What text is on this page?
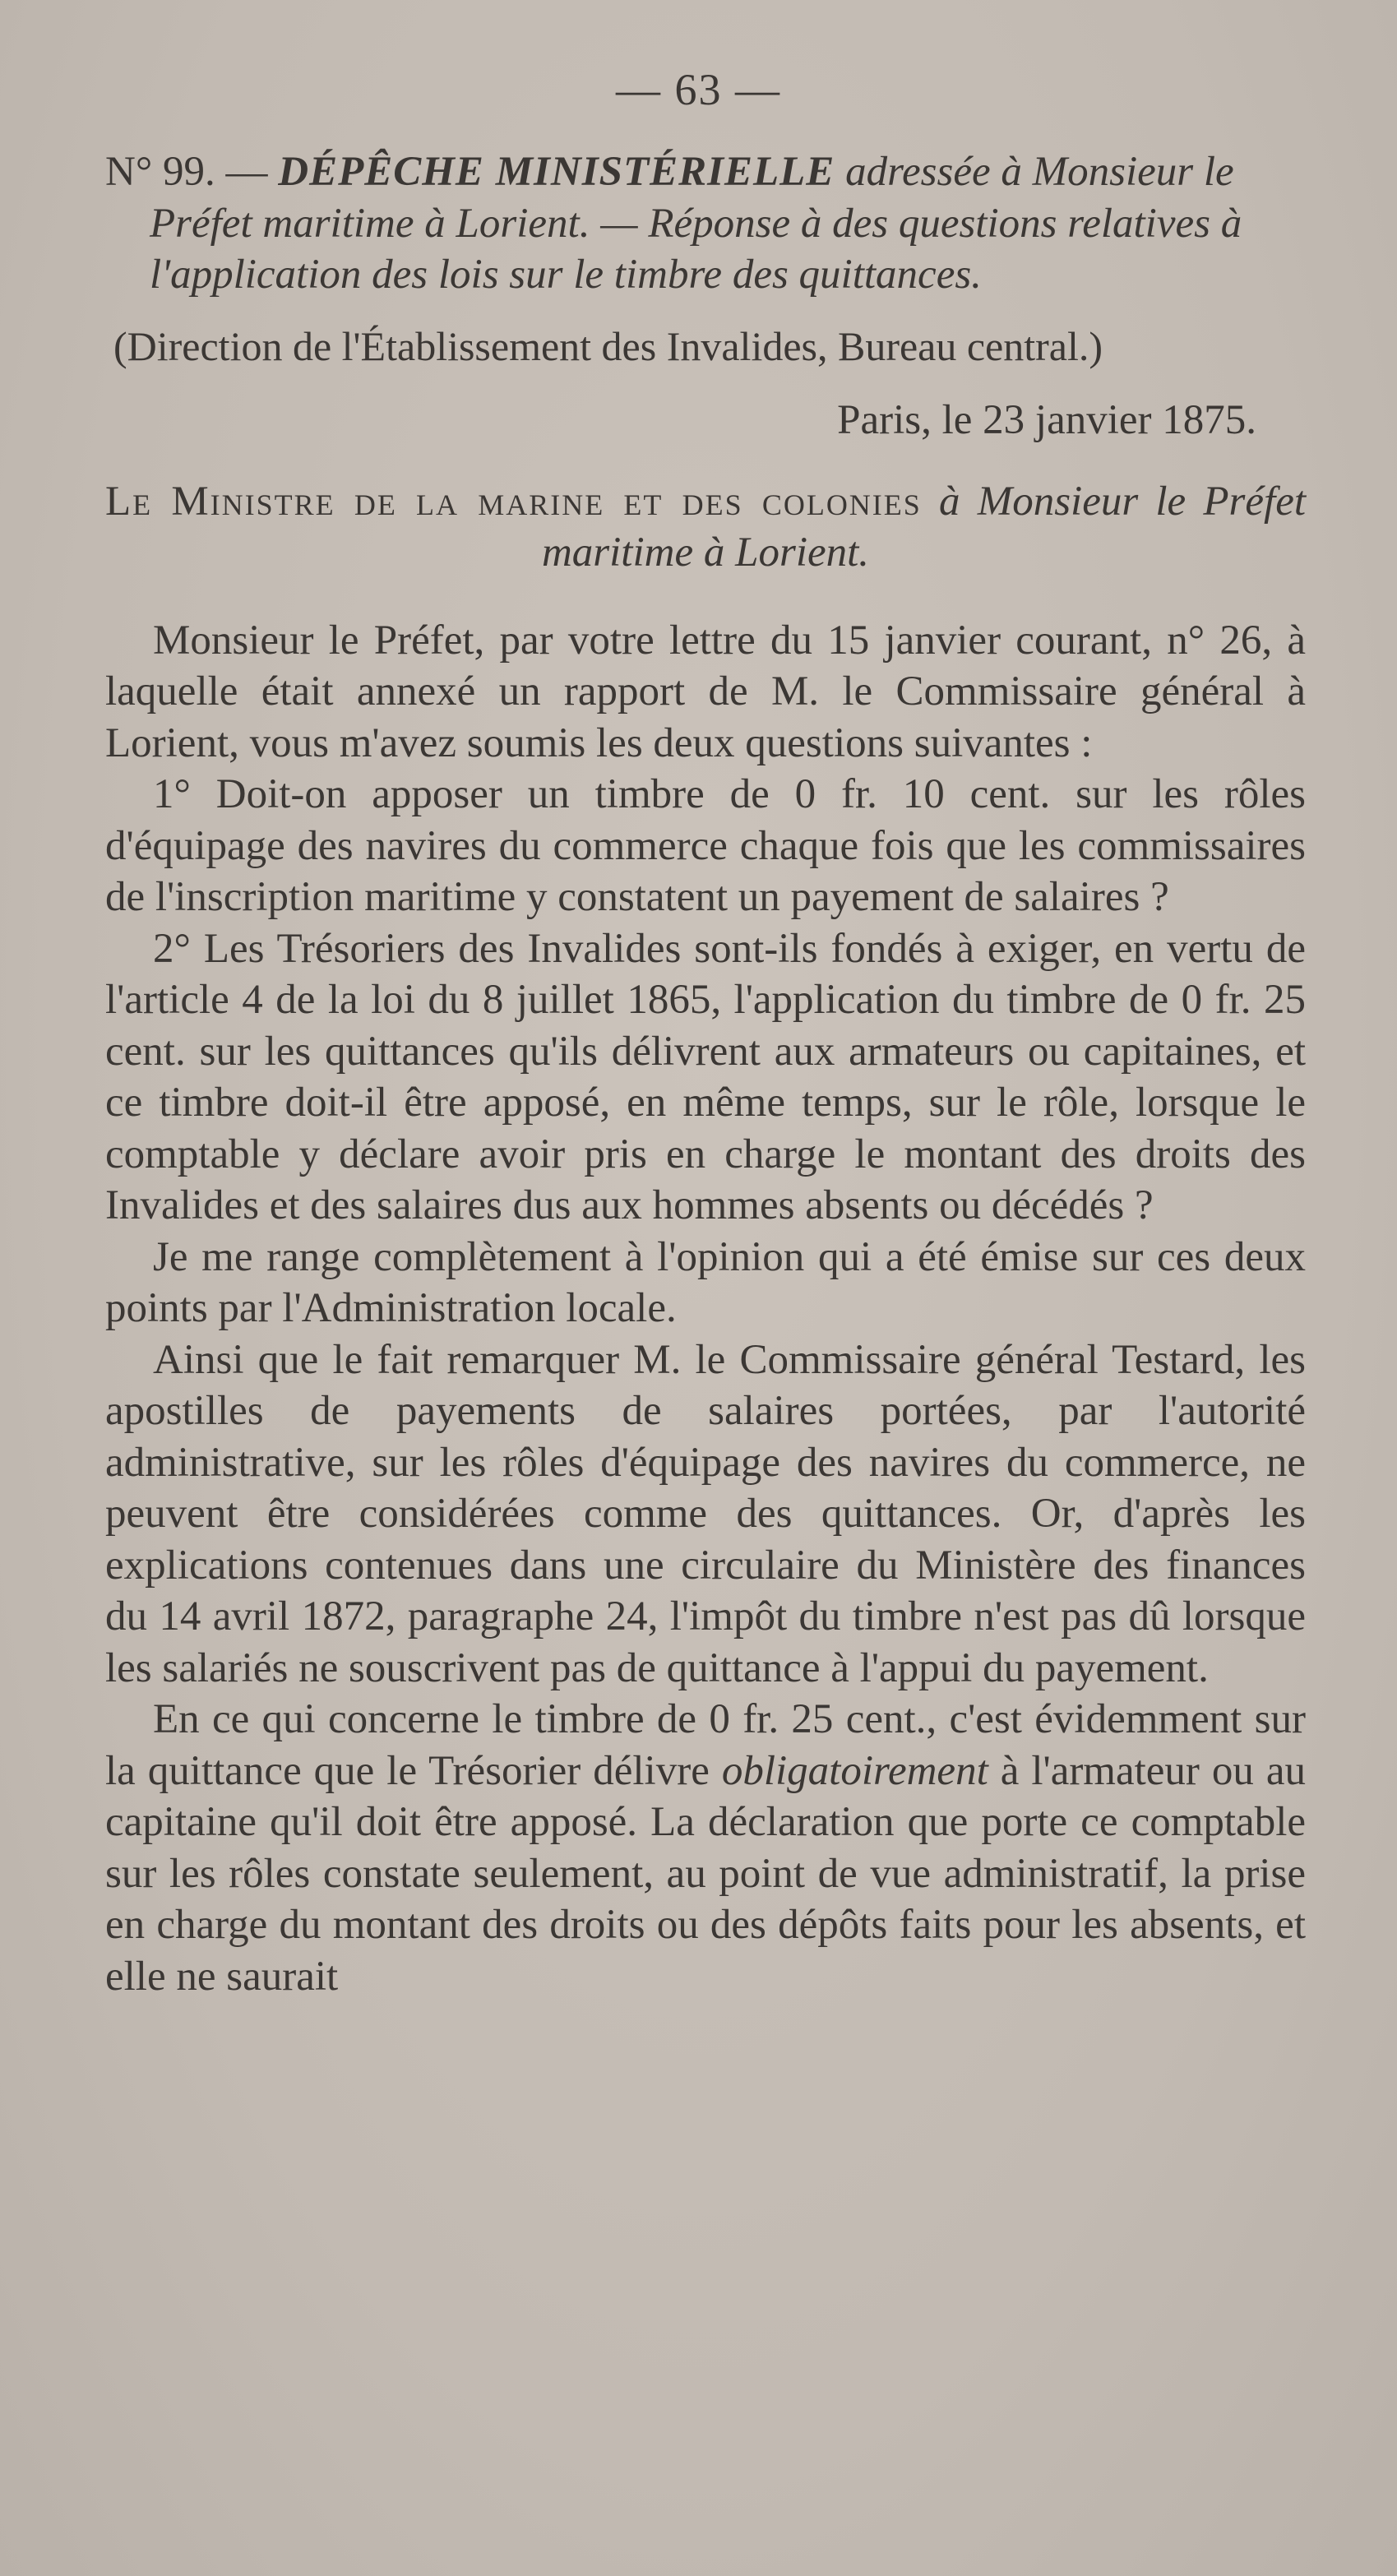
— 63 —

N° 99. — DÉPÊCHE MINISTÉRIELLE adressée à Monsieur le Préfet maritime à Lorient. — Réponse à des questions relatives à l'application des lois sur le timbre des quittances.

(Direction de l'Établissement des Invalides, Bureau central.)

Paris, le 23 janvier 1875.

Le Ministre de la marine et des colonies à Monsieur le Préfet maritime à Lorient.

Monsieur le Préfet, par votre lettre du 15 janvier courant, n° 26, à laquelle était annexé un rapport de M. le Commissaire général à Lorient, vous m'avez soumis les deux questions suivantes :

1° Doit-on apposer un timbre de 0 fr. 10 cent. sur les rôles d'équipage des navires du commerce chaque fois que les commissaires de l'inscription maritime y constatent un payement de salaires ?

2° Les Trésoriers des Invalides sont-ils fondés à exiger, en vertu de l'article 4 de la loi du 8 juillet 1865, l'application du timbre de 0 fr. 25 cent. sur les quittances qu'ils délivrent aux armateurs ou capitaines, et ce timbre doit-il être apposé, en même temps, sur le rôle, lorsque le comptable y déclare avoir pris en charge le montant des droits des Invalides et des salaires dus aux hommes absents ou décédés ?

Je me range complètement à l'opinion qui a été émise sur ces deux points par l'Administration locale.

Ainsi que le fait remarquer M. le Commissaire général Testard, les apostilles de payements de salaires portées, par l'autorité administrative, sur les rôles d'équipage des navires du commerce, ne peuvent être considérées comme des quittances. Or, d'après les explications contenues dans une circulaire du Ministère des finances du 14 avril 1872, paragraphe 24, l'impôt du timbre n'est pas dû lorsque les salariés ne souscrivent pas de quittance à l'appui du payement.

En ce qui concerne le timbre de 0 fr. 25 cent., c'est évidemment sur la quittance que le Trésorier délivre obligatoirement à l'armateur ou au capitaine qu'il doit être apposé. La déclaration que porte ce comptable sur les rôles constate seulement, au point de vue administratif, la prise en charge du montant des droits ou des dépôts faits pour les absents, et elle ne saurait
